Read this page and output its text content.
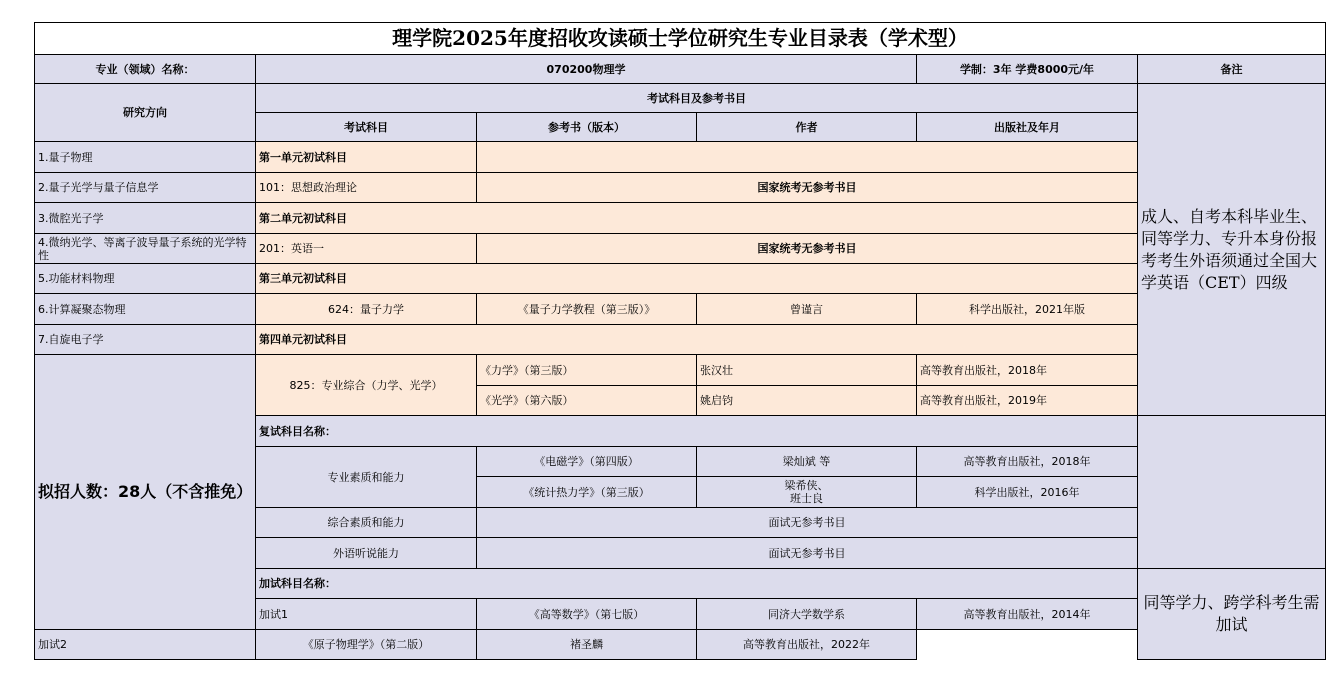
理学院2025年度招收攻读硕士学位研究生专业目录表（学术型）					
专业（领域）名称：	070200物理学			学制：3年 学费8000元/年	备注
研究方向	考试科目及参考书目				成人、自考本科毕业生、同等学力、专升本身份报考考生外语须通过全国大学英语（CET）四级
	考试科目	参考书（版本）	作者	出版社及年月	
1.量子物理	第一单元初试科目				
2.量子光学与量子信息学	101：思想政治理论	国家统考无参考书目			
3.微腔光子学	第二单元初试科目				
4.微纳光学、等离子波导量子系统的光学特性	201：英语一	国家统考无参考书目			
5.功能材料物理	第三单元初试科目				
6.计算凝聚态物理	624：量子力学	《量子力学教程（第三版）》	曾谨言	科学出版社，2021年版	
7.自旋电子学	第四单元初试科目				
拟招人数：28人（不含推免）	825：专业综合（力学、光学）	《力学》（第三版）	张汉壮	高等教育出版社，2018年	
		《光学》（第六版）	姚启钧	高等教育出版社，2019年	
	复试科目名称：				
	专业素质和能力	《电磁学》（第四版）	梁灿斌 等	高等教育出版社，2018年	
		《统计热力学》（第三版）	梁希侠、
班士良	科学出版社，2016年	
	综合素质和能力	面试无参考书目			
	外语听说能力	面试无参考书目			
	加试科目名称：				同等学力、跨学科考生需加试
	加试1	《高等数学》（第七版）	同济大学数学系	高等教育出版社，2014年	
加试2	《原子物理学》（第二版）	褚圣麟	高等教育出版社，2022年		
